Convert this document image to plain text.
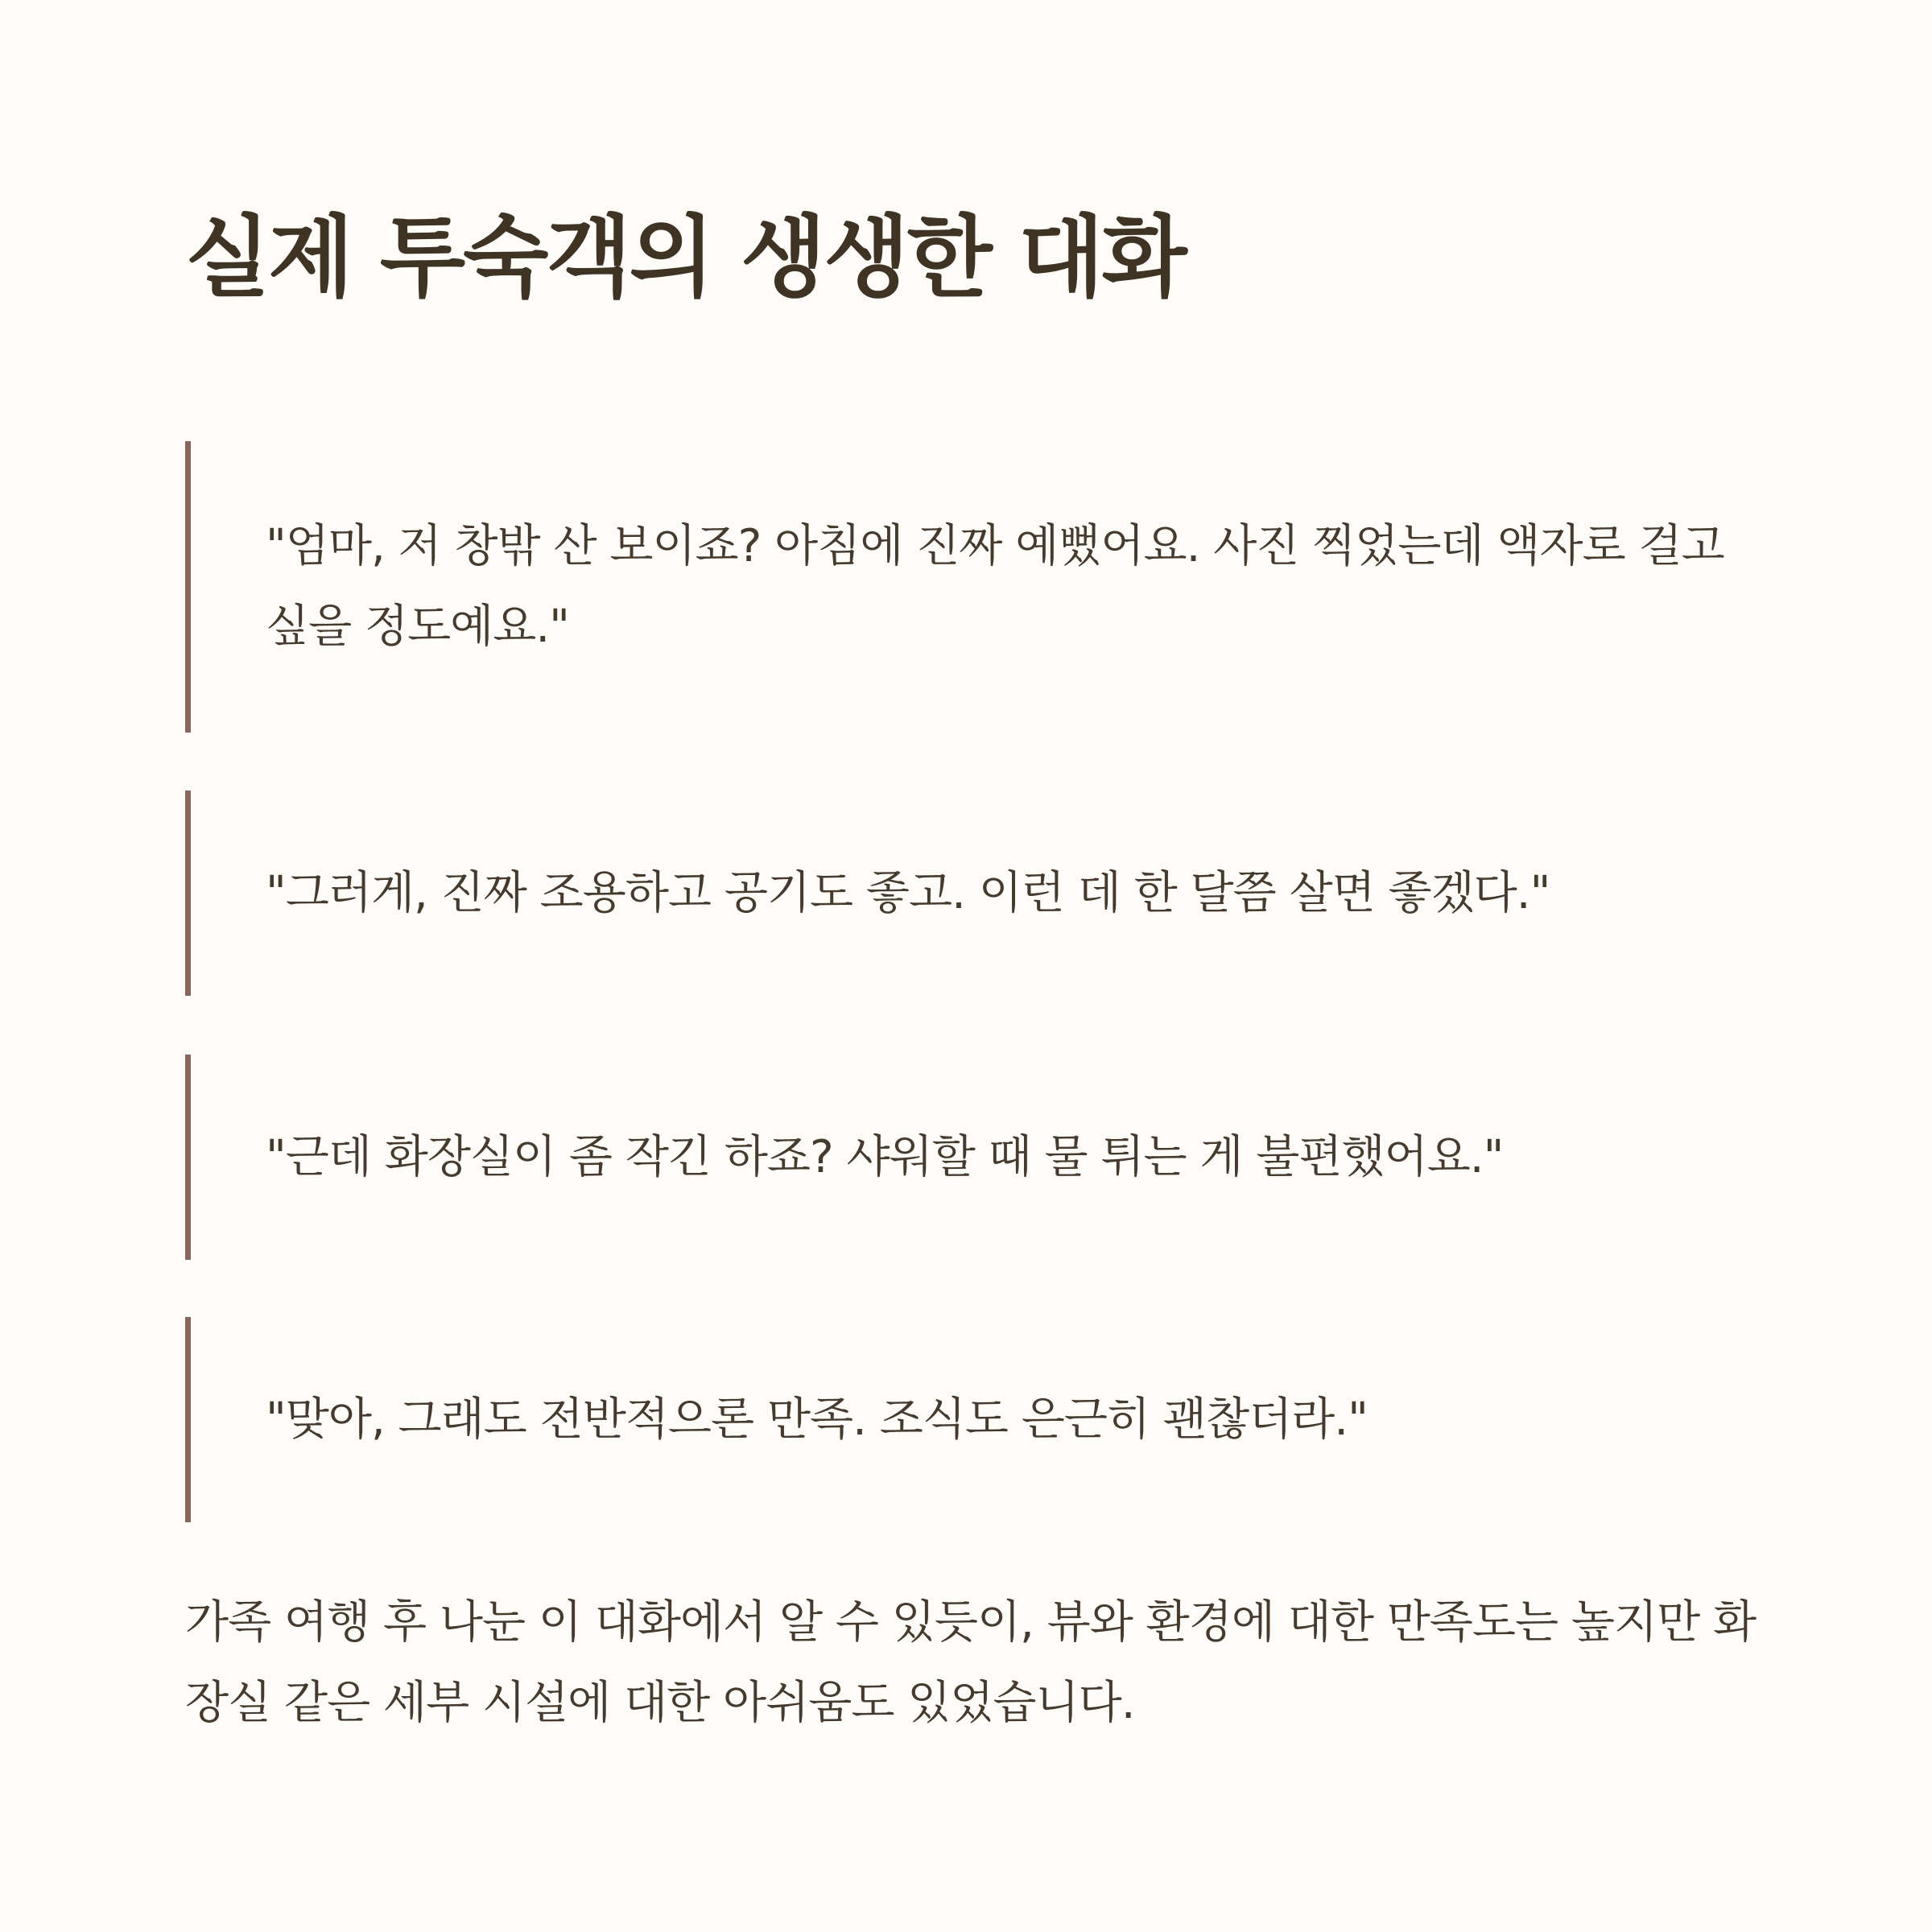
실제 투숙객의 생생한 대화

"엄마, 저 창밖 산 보이죠? 아침에 진짜 예뻤어요. 사진 찍었는데 액자로 걸고 싶을 정도예요."

"그러게, 진짜 조용하고 공기도 좋고. 이런 데 한 달쯤 살면 좋겠다."

"근데 화장실이 좀 작긴 하죠? 샤워할 때 물 튀는 게 불편했어요."

"맞아, 그래도 전반적으론 만족. 조식도 은근히 괜찮더라."

가족 여행 후 나눈 이 대화에서 알 수 있듯이, 뷰와 환경에 대한 만족도는 높지만 화장실 같은 세부 시설에 대한 아쉬움도 있었습니다.
